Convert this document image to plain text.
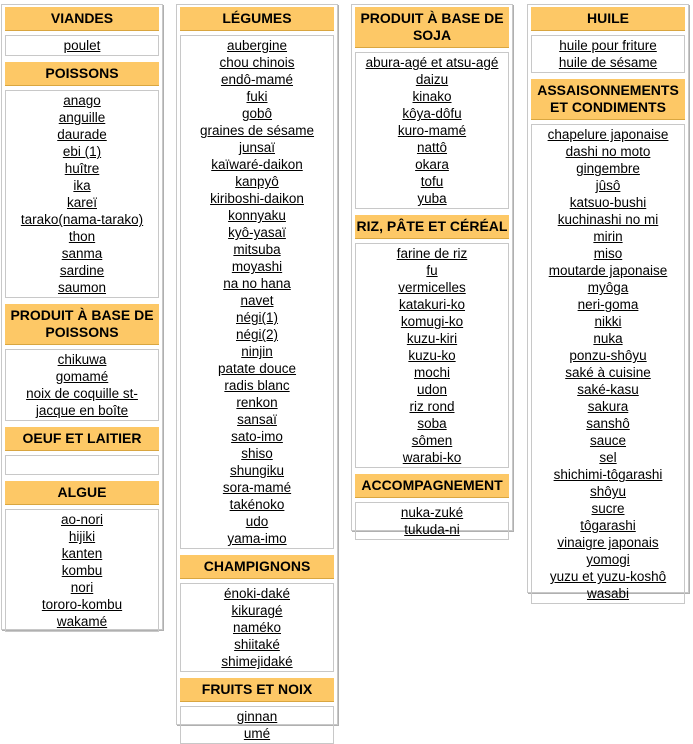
VIANDES
poulet
POISSONS
anago
anguille
daurade
ebi (1)
huître
ika
kareï
tarako(nama-tarako)
thon
sanma
sardine
saumon
PRODUIT À BASE DE POISSONS
chikuwa
gomamé
noix de coquille st-jacque en boîte
OEUF ET LAITIER
ALGUE
ao-nori
hijiki
kanten
kombu
nori
tororo-kombu
wakamé
LÉGUMES
aubergine
chou chinois
endô-mamé
fuki
gobô
graines de sésame
junsaï
kaïwaré-daikon
kanpyô
kiriboshi-daikon
konnyaku
kyô-yasaï
mitsuba
moyashi
na no hana
navet
négi(1)
négi(2)
ninjin
patate douce
radis blanc
renkon
sansaï
sato-imo
shiso
shungiku
sora-mamé
takénoko
udo
yama-imo
CHAMPIGNONS
énoki-daké
kikuragé
naméko
shiitaké
shimejidaké
FRUITS ET NOIX
ginnan
umé
PRODUIT À BASE DE SOJA
abura-agé et atsu-agé
daizu
kinako
kôya-dôfu
kuro-mamé
nattô
okara
tofu
yuba
RIZ, PÂTE ET CÉRÉAL
farine de riz
fu
vermicelles
katakuri-ko
komugi-ko
kuzu-kiri
kuzu-ko
mochi
udon
riz rond
soba
sômen
warabi-ko
ACCOMPAGNEMENT
nuka-zuké
tukuda-ni
HUILE
huile pour friture
huile de sésame
ASSAISONNEMENTS ET CONDIMENTS
chapelure japonaise
dashi no moto
gingembre
jûsô
katsuo-bushi
kuchinashi no mi
mirin
miso
moutarde japonaise
myôga
neri-goma
nikki
nuka
ponzu-shôyu
saké à cuisine
saké-kasu
sakura
sanshô
sauce
sel
shichimi-tôgarashi
shôyu
sucre
tôgarashi
vinaigre japonais
yomogi
yuzu et yuzu-koshô
wasabi
